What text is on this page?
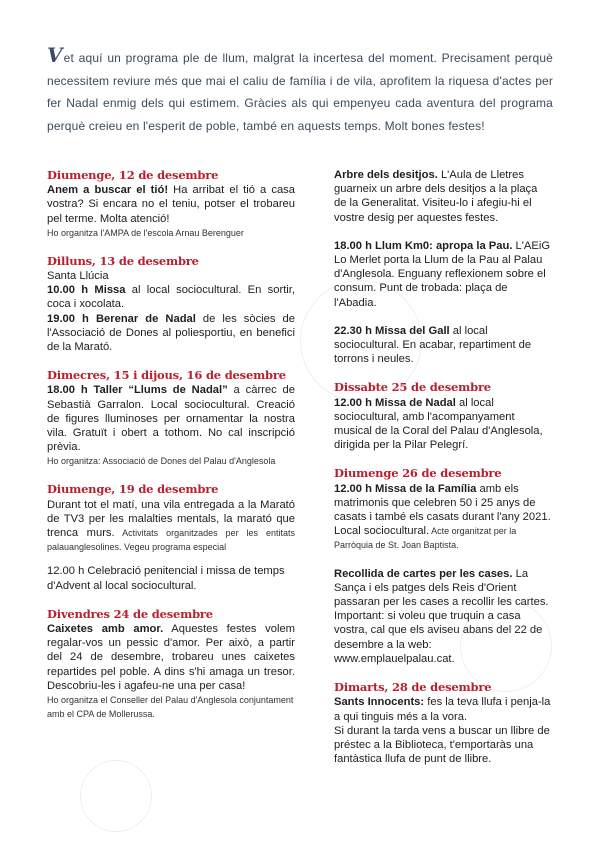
Vet aquí un programa ple de llum, malgrat la incertesa del moment. Precisament perquè necessitem reviure més que mai el caliu de família i de vila, aprofitem la riquesa d'actes per fer Nadal enmig dels qui estimem. Gràcies als qui empenyeu cada aventura del programa perquè creieu en l'esperit de poble, també en aquests temps. Molt bones festes!
Diumenge, 12 de desembre

Anem a buscar el tió! Ha arribat el tió a casa vostra? Si encara no el teniu, potser el trobareu pel terme. Molta atenció!

Ho organitza l'AMPA de l'escola Arnau Berenguer

Dilluns, 13 de desembre

Santa Llúcia

10.00 h Missa al local sociocultural. En sortir, coca i xocolata.

19.00 h Berenar de Nadal de les sòcies de l'Associació de Dones al poliesportiu, en benefici de la Marató.

Dimecres, 15 i dijous, 16 de desembre

18.00 h Taller “Llums de Nadal” a càrrec de Sebastià Garralon. Local sociocultural. Creació de figures lluminoses per ornamentar la nostra vila. Gratuït i obert a tothom. No cal inscripció prèvia.

Ho organitza: Associació de Dones del Palau d'Anglesola

Diumenge, 19 de desembre

Durant tot el matí, una vila entregada a la Marató de TV3 per les malalties mentals, la marató que trenca murs. Activitats organitzades per les entitats palauanglesolines. Vegeu programa especial

12.00 h Celebració penitencial i missa de temps d'Advent al local sociocultural.

Divendres 24 de desembre

Caixetes amb amor. Aquestes festes volem regalar-vos un pessic d'amor. Per això, a partir del 24 de desembre, trobareu unes caixetes repartides pel poble. A dins s'hi amaga un tresor. Descobriu-les i agafeu-ne una per casa!

Ho organitza el Conseller del Palau d'Anglesola conjuntament amb el CPA de Mollerussa.

Arbre dels desitjos. L'Aula de Lletres guarneix un arbre dels desitjos a la plaça de la Generalitat. Visiteu-lo i afegiu-hi el vostre desig per aquestes festes.

18.00 h Llum Km0: apropa la Pau. L'AEiG Lo Merlet porta la Llum de la Pau al Palau d'Anglesola. Enguany reflexionem sobre el consum. Punt de trobada: plaça de l'Abadia.

22.30 h Missa del Gall al local sociocultural. En acabar, repartiment de torrons i neules.

Dissabte 25 de desembre

12.00 h Missa de Nadal al local sociocultural, amb l'acompanyament musical de la Coral del Palau d'Anglesola, dirigida per la Pilar Pelegrí.

Diumenge 26 de desembre

12.00 h Missa de la Família amb els matrimonis que celebren 50 i 25 anys de casats i també els casats durant l'any 2021. Local sociocultural. Acte organitzat per la Parròquia de St. Joan Baptista.

Recollida de cartes per les cases. La Sança i els patges dels Reis d'Orient passaran per les cases a recollir les cartes. Important: si voleu que truquin a casa vostra, cal que els aviseu abans del 22 de desembre a la web: www.emplauelpalau.cat.

Dimarts, 28 de desembre

Sants Innocents: fes la teva llufa i penja-la a qui tinguis més a la vora.

Si durant la tarda vens a buscar un llibre de préstec a la Biblioteca, t'emportaràs una fantàstica llufa de punt de llibre.
